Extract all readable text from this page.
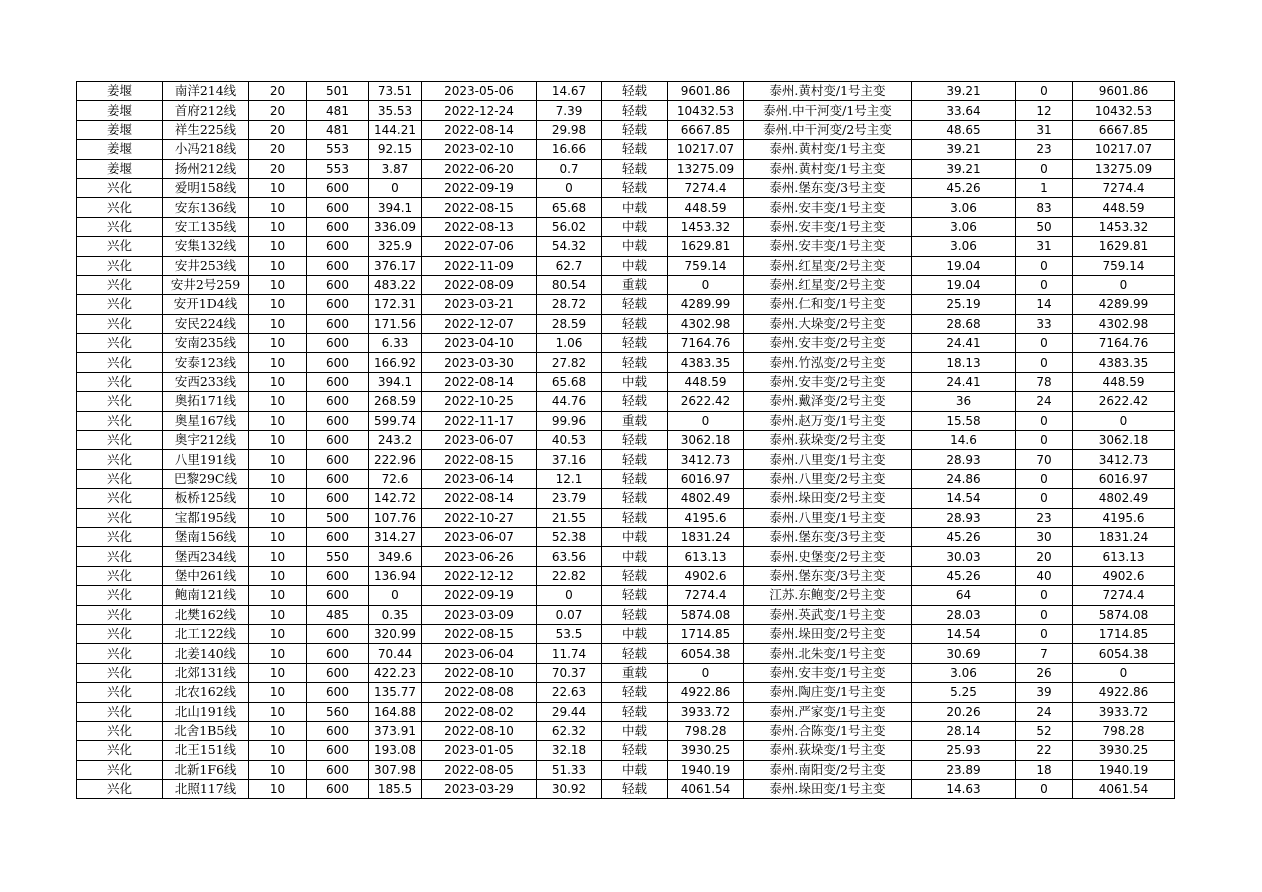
姜堰	南洋214线	20	501	73.51	2023-05-06	14.67	轻载	9601.86	泰州.黄村变/1号主变	39.21	0	9601.86
姜堰	首府212线	20	481	35.53	2022-12-24	7.39	轻载	10432.53	泰州.中干河变/1号主变	33.64	12	10432.53
姜堰	祥生225线	20	481	144.21	2022-08-14	29.98	轻载	6667.85	泰州.中干河变/2号主变	48.65	31	6667.85
姜堰	小冯218线	20	553	92.15	2023-02-10	16.66	轻载	10217.07	泰州.黄村变/1号主变	39.21	23	10217.07
姜堰	扬州212线	20	553	3.87	2022-06-20	0.7	轻载	13275.09	泰州.黄村变/1号主变	39.21	0	13275.09
兴化	爱明158线	10	600	0	2022-09-19	0	轻载	7274.4	泰州.堡东变/3号主变	45.26	1	7274.4
兴化	安东136线	10	600	394.1	2022-08-15	65.68	中载	448.59	泰州.安丰变/1号主变	3.06	83	448.59
兴化	安工135线	10	600	336.09	2022-08-13	56.02	中载	1453.32	泰州.安丰变/1号主变	3.06	50	1453.32
兴化	安集132线	10	600	325.9	2022-07-06	54.32	中载	1629.81	泰州.安丰变/1号主变	3.06	31	1629.81
兴化	安井253线	10	600	376.17	2022-11-09	62.7	中载	759.14	泰州.红星变/2号主变	19.04	0	759.14
兴化	安井2号259	10	600	483.22	2022-08-09	80.54	重载	0	泰州.红星变/2号主变	19.04	0	0
兴化	安开1D4线	10	600	172.31	2023-03-21	28.72	轻载	4289.99	泰州.仁和变/1号主变	25.19	14	4289.99
兴化	安民224线	10	600	171.56	2022-12-07	28.59	轻载	4302.98	泰州.大垛变/2号主变	28.68	33	4302.98
兴化	安南235线	10	600	6.33	2023-04-10	1.06	轻载	7164.76	泰州.安丰变/2号主变	24.41	0	7164.76
兴化	安泰123线	10	600	166.92	2023-03-30	27.82	轻载	4383.35	泰州.竹泓变/2号主变	18.13	0	4383.35
兴化	安西233线	10	600	394.1	2022-08-14	65.68	中载	448.59	泰州.安丰变/2号主变	24.41	78	448.59
兴化	奥拓171线	10	600	268.59	2022-10-25	44.76	轻载	2622.42	泰州.戴泽变/2号主变	36	24	2622.42
兴化	奥星167线	10	600	599.74	2022-11-17	99.96	重载	0	泰州.赵万变/1号主变	15.58	0	0
兴化	奥宇212线	10	600	243.2	2023-06-07	40.53	轻载	3062.18	泰州.荻垛变/2号主变	14.6	0	3062.18
兴化	八里191线	10	600	222.96	2022-08-15	37.16	轻载	3412.73	泰州.八里变/1号主变	28.93	70	3412.73
兴化	巴黎29C线	10	600	72.6	2023-06-14	12.1	轻载	6016.97	泰州.八里变/2号主变	24.86	0	6016.97
兴化	板桥125线	10	600	142.72	2022-08-14	23.79	轻载	4802.49	泰州.垛田变/2号主变	14.54	0	4802.49
兴化	宝都195线	10	500	107.76	2022-10-27	21.55	轻载	4195.6	泰州.八里变/1号主变	28.93	23	4195.6
兴化	堡南156线	10	600	314.27	2023-06-07	52.38	中载	1831.24	泰州.堡东变/3号主变	45.26	30	1831.24
兴化	堡西234线	10	550	349.6	2023-06-26	63.56	中载	613.13	泰州.史堡变/2号主变	30.03	20	613.13
兴化	堡中261线	10	600	136.94	2022-12-12	22.82	轻载	4902.6	泰州.堡东变/3号主变	45.26	40	4902.6
兴化	鲍南121线	10	600	0	2022-09-19	0	轻载	7274.4	江苏.东鲍变/2号主变	64	0	7274.4
兴化	北樊162线	10	485	0.35	2023-03-09	0.07	轻载	5874.08	泰州.英武变/1号主变	28.03	0	5874.08
兴化	北工122线	10	600	320.99	2022-08-15	53.5	中载	1714.85	泰州.垛田变/2号主变	14.54	0	1714.85
兴化	北姜140线	10	600	70.44	2023-06-04	11.74	轻载	6054.38	泰州.北朱变/1号主变	30.69	7	6054.38
兴化	北郊131线	10	600	422.23	2022-08-10	70.37	重载	0	泰州.安丰变/1号主变	3.06	26	0
兴化	北农162线	10	600	135.77	2022-08-08	22.63	轻载	4922.86	泰州.陶庄变/1号主变	5.25	39	4922.86
兴化	北山191线	10	560	164.88	2022-08-02	29.44	轻载	3933.72	泰州.严家变/1号主变	20.26	24	3933.72
兴化	北舍1B5线	10	600	373.91	2022-08-10	62.32	中载	798.28	泰州.合陈变/1号主变	28.14	52	798.28
兴化	北王151线	10	600	193.08	2023-01-05	32.18	轻载	3930.25	泰州.荻垛变/1号主变	25.93	22	3930.25
兴化	北新1F6线	10	600	307.98	2022-08-05	51.33	中载	1940.19	泰州.南阳变/2号主变	23.89	18	1940.19
兴化	北照117线	10	600	185.5	2023-03-29	30.92	轻载	4061.54	泰州.垛田变/1号主变	14.63	0	4061.54
